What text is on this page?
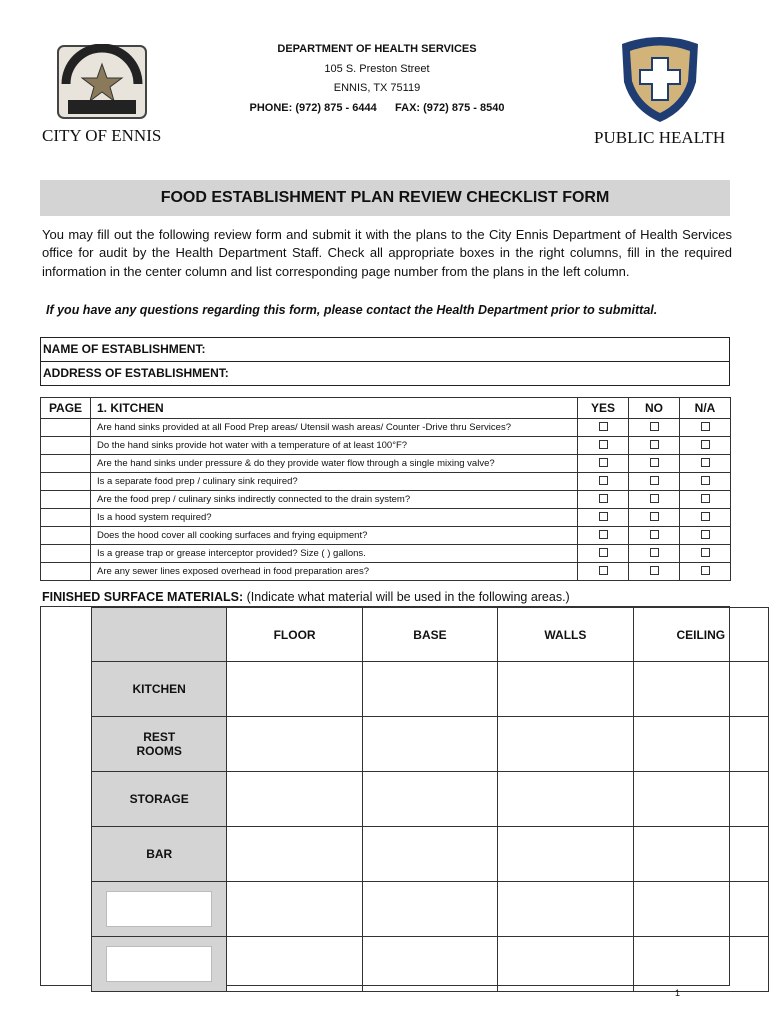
CITY OF ENNIS
DEPARTMENT OF HEALTH SERVICES
105 S. Preston Street
ENNIS, TX 75119
PHONE: (972) 875 - 6444 FAX: (972) 875 - 8540
PUBLIC HEALTH
FOOD ESTABLISHMENT PLAN REVIEW CHECKLIST FORM
You may fill out the following review form and submit it with the plans to the City Ennis Department of Health Services office for audit by the Health Department Staff. Check all appropriate boxes in the right columns, fill in the required information in the center column and list corresponding page number from the plans in the left column.
If you have any questions regarding this form, please contact the Health Department prior to submittal.
NAME OF ESTABLISHMENT:
ADDRESS OF ESTABLISHMENT:
PAGE	1. KITCHEN	YES	NO	N/A
	Are hand sinks provided at all Food Prep areas/ Utensil wash areas/ Counter -Drive thru Services?			
	Do the hand sinks provide hot water with a temperature of at least 100°F?			
	Are the hand sinks under pressure & do they provide water flow through a single mixing valve?			
	Is a separate food prep / culinary sink required?			
	Are the food prep / culinary sinks indirectly connected to the drain system?			
	Is a hood system required?			
	Does the hood cover all cooking surfaces and frying equipment?			
	Is a grease trap or grease interceptor provided? Size ( ) gallons.			
	Are any sewer lines exposed overhead in food preparation ares?			
FINISHED SURFACE MATERIALS: (Indicate what material will be used in the following areas.)
	FLOOR	BASE	WALLS	CEILING
KITCHEN				
REST
ROOMS				
STORAGE				
BAR				

1
